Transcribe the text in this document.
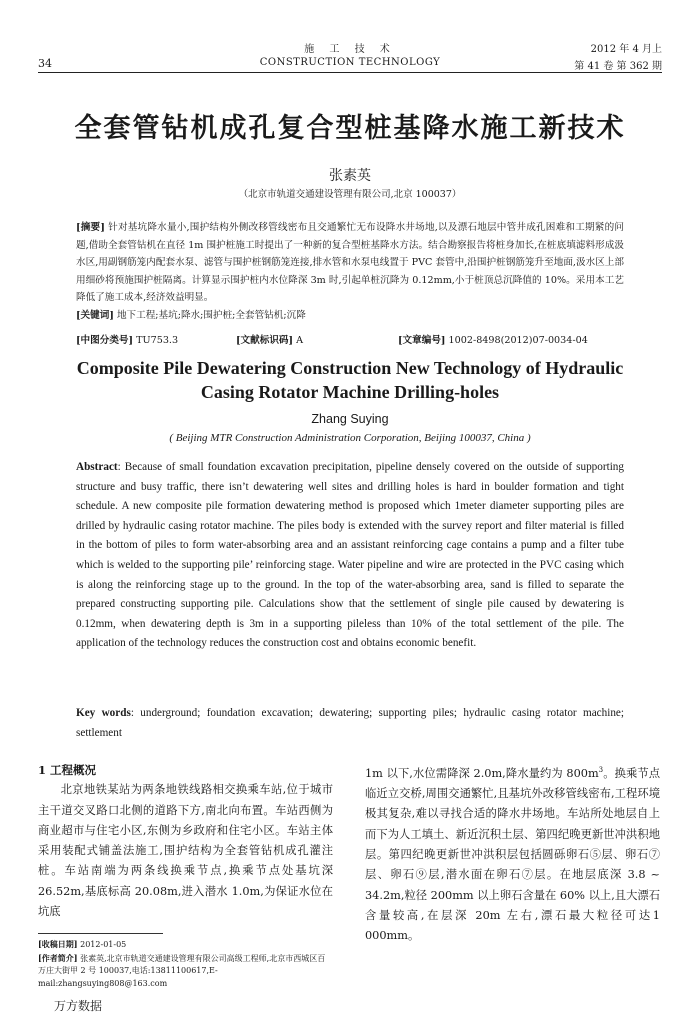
34
施 工 技 术
CONSTRUCTION TECHNOLOGY
2012 年 4 月上
第 41 卷 第 362 期
全套管钻机成孔复合型桩基降水施工新技术
张素英
（北京市轨道交通建设管理有限公司,北京 100037）
[摘要] 针对基坑降水量小,围护结构外侧改移管线密布且交通繁忙无布设降水井场地,以及漂石地层中管井成孔困难和工期紧的问题,借助全套管钻机在直径 1m 围护桩施工时提出了一种新的复合型桩基降水方法。结合勘察报告将桩身加长,在桩底填滤料形成汲水区,用副钢筋笼内配套水泵、滤管与围护桩钢筋笼连接,排水管和水泵电线置于 PVC 套管中,沿围护桩钢筋笼升至地面,汲水区上部用细砂将预施围护桩隔离。计算显示围护桩内水位降深 3m 时,引起单桩沉降为 0.12mm,小于桩顶总沉降值的 10%。采用本工艺降低了施工成本,经济效益明显。
[关键词] 地下工程;基坑;降水;围护桩;全套管钻机;沉降
[中图分类号] TU753.3	[文献标识码] A	[文章编号] 1002-8498(2012)07-0034-04
Composite Pile Dewatering Construction New Technology of Hydraulic Casing Rotator Machine Drilling-holes
Zhang Suying
( Beijing MTR Construction Administration Corporation, Beijing 100037, China )
Abstract: Because of small foundation excavation precipitation, pipeline densely covered on the outside of supporting structure and busy traffic, there isn’t dewatering well sites and drilling holes is hard in boulder formation and tight schedule. A new composite pile formation dewatering method is proposed which 1meter diameter supporting piles are drilled by hydraulic casing rotator machine. The piles body is extended with the survey report and filter material is filled in the bottom of piles to form water-absorbing area and an assistant reinforcing cage contains a pump and a filter tube which is welded to the supporting pile’ reinforcing stage. Water pipeline and wire are protected in the PVC casing which is along the reinforcing stage up to the ground. In the top of the water-absorbing area, sand is filled to separate the prepared constructing supporting pile. Calculations show that the settlement of single pile caused by dewatering is 0.12mm, when dewatering depth is 3m in a supporting pileless than 10% of the total settlement of the pile. The application of the technology reduces the construction cost and obtains economic benefit.
Key words: underground; foundation excavation; dewatering; supporting piles; hydraulic casing rotator machine; settlement
1 工程概况
北京地铁某站为两条地铁线路相交换乘车站,位于城市主干道交叉路口北侧的道路下方,南北向布置。车站西侧为商业超市与住宅小区,东侧为乡政府和住宅小区。车站主体采用装配式铺盖法施工,围护结构为全套管钻机成孔灌注桩。车站南端为两条线换乘节点,换乘节点处基坑深 26.52m,基底标高 20.08m,进入潜水 1.0m,为保证水位在坑底
1m 以下,水位需降深 2.0m,降水量约为 $800m^3$。换乘节点临近立交桥,周围交通繁忙,且基坑外改移管线密布,工程环境极其复杂,难以寻找合适的降水井场地。车站所处地层自上而下为人工填土、新近沉积土层、第四纪晚更新世冲洪积地层。第四纪晚更新世冲洪积层包括圆砾卵石⑤层、卵石⑦层、卵石⑨层,潜水面在卵石⑦层。在地层底深 3.8 ~ 34.2m,粒径 200mm 以上卵石含量在 60% 以上,且大漂石含量较高,在层深 20m 左右,漂石最大粒径可达1 000mm。
[收稿日期] 2012-01-05
[作者简介] 张素英,北京市轨道交通建设管理有限公司高级工程师,北京市西城区百万庄大街甲 2 号 100037,电话:13811100617,E-mail:zhangsuying808@163.com
万方数据
